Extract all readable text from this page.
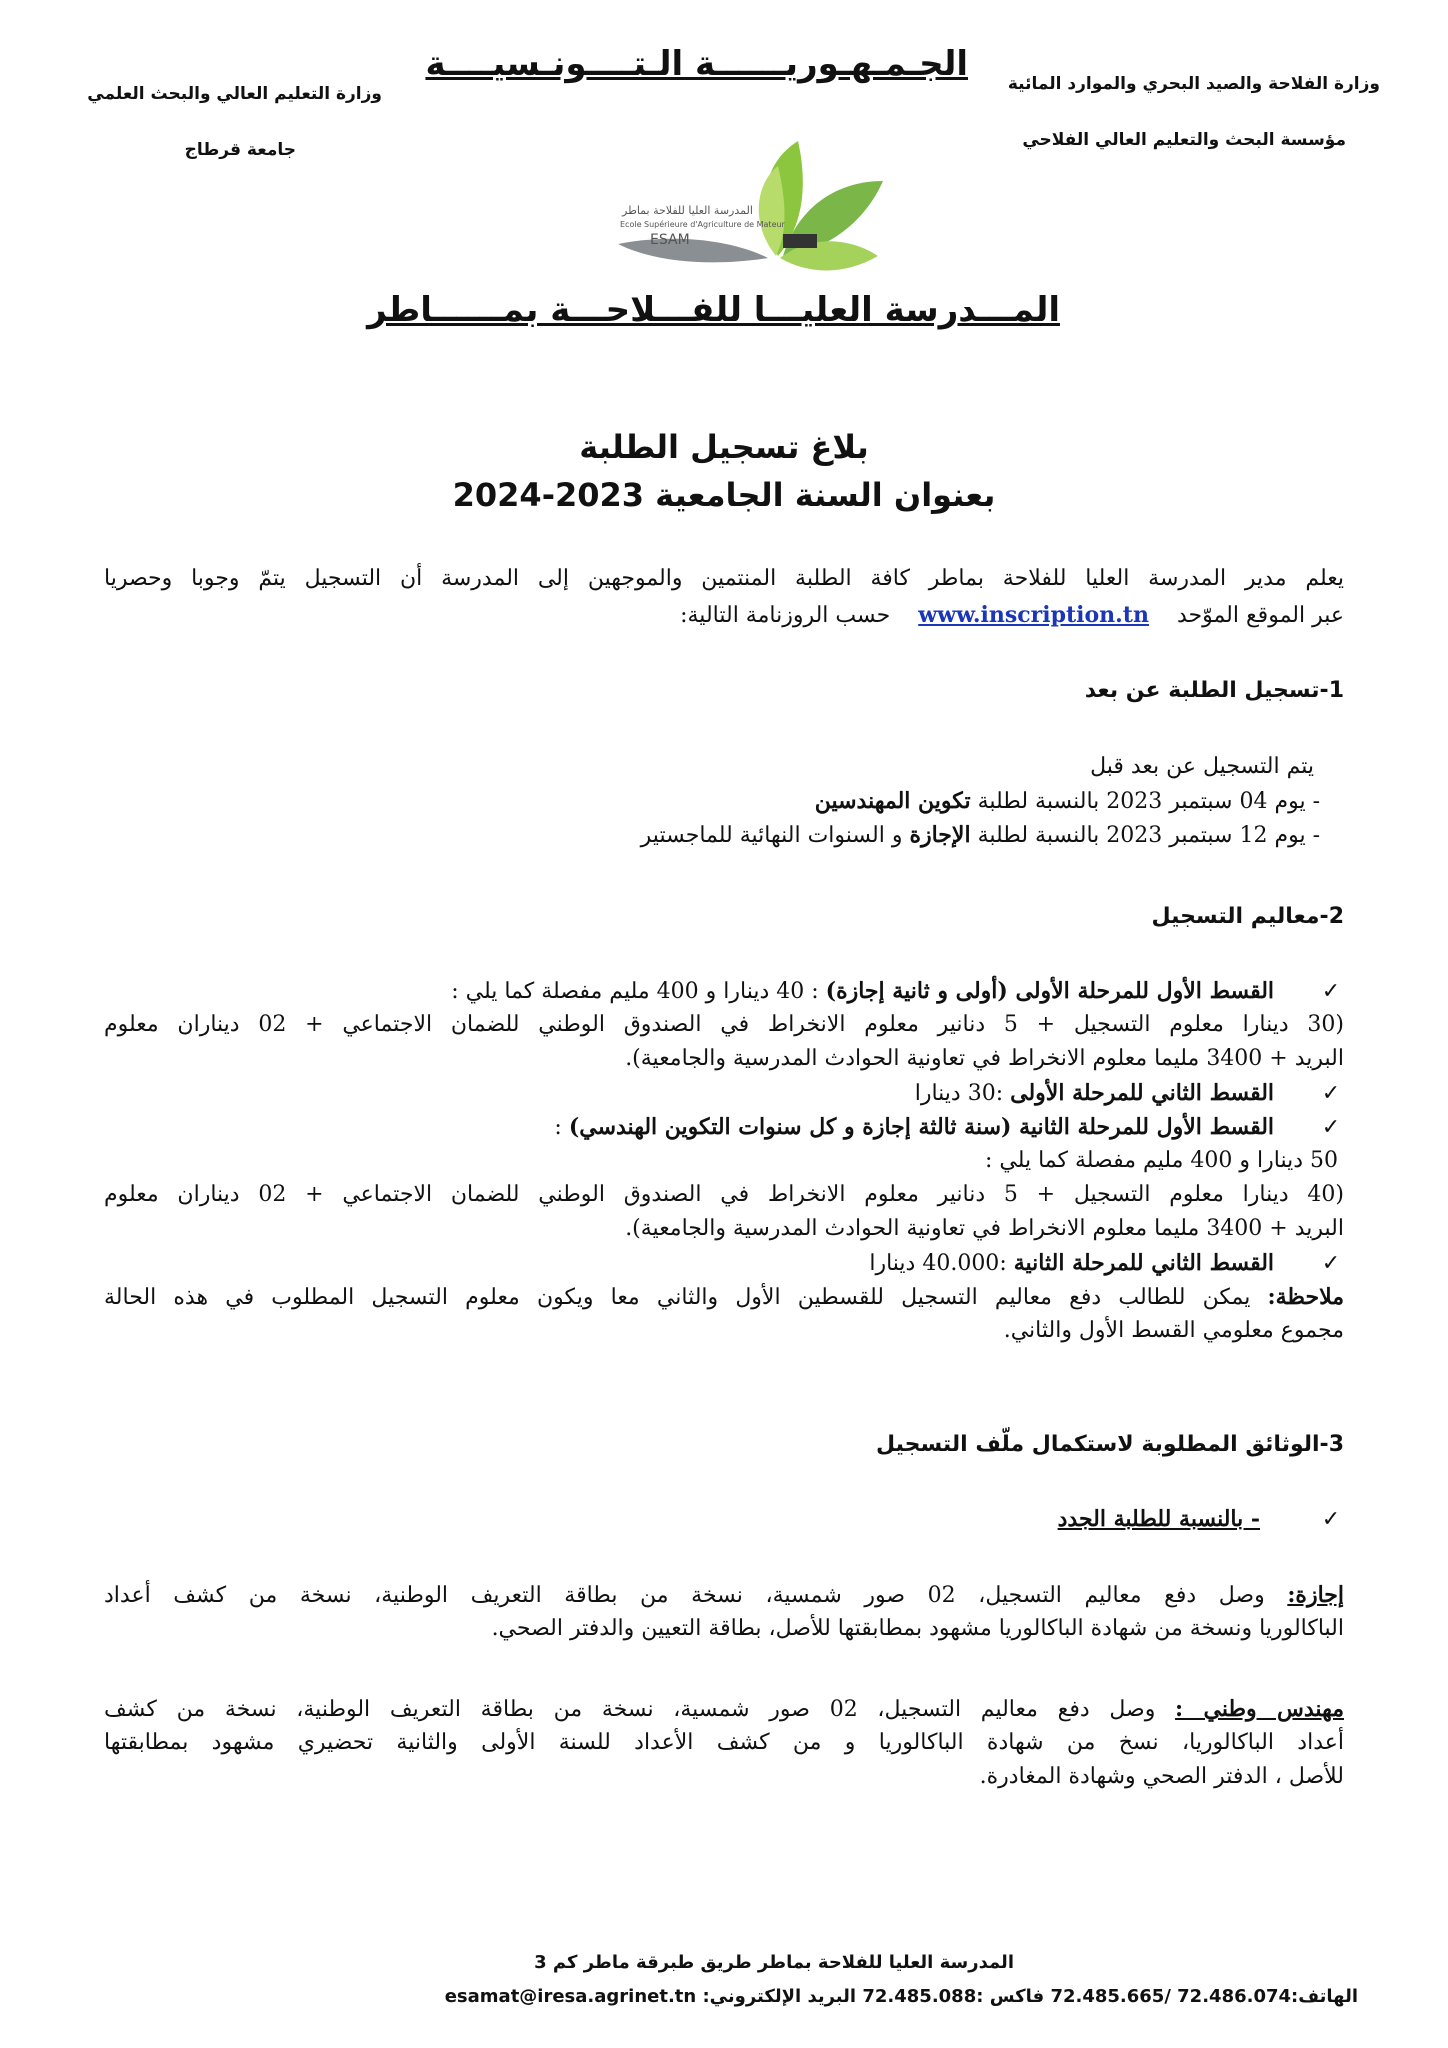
وزارة الفلاحة والصيد البحري والموارد المائية
مؤسسة البحث والتعليم العالي الفلاحي
الجـمـهـوريــــــة الـتــــونـسيــــة
وزارة التعليم العالي والبحث العلمي
جامعة قرطاج
المدرسة العليا للفلاحة بماطر
Ecole Supérieure d'Agriculture de Mateur
ESAM
المـــدرسة العليـــا للفـــلاحـــة بمــــــاطر
بلاغ تسجيل الطلبة
بعنوان السنة الجامعية 2023-2024
يعلم مدير المدرسة العليا للفلاحة بماطر كافة الطلبة المنتمين والموجهين إلى المدرسة أن التسجيل يتمّ وجوبا وحصريا
عبر الموقع الموّحد    www.inscription.tn    حسب الروزنامة التالية:
1-تسجيل الطلبة عن بعد
يتم التسجيل عن بعد قبل
- يوم 04 سبتمبر 2023 بالنسبة لطلبة تكوين المهندسين
- يوم 12 سبتمبر 2023 بالنسبة لطلبة الإجازة و السنوات النهائية للماجستير
2-معاليم التسجيل
✓      القسط الأول للمرحلة الأولى (أولى و ثانية إجازة) : 40 دينارا و 400 مليم مفصلة كما يلي :
(30 دينارا معلوم التسجيل + 5 دنانير معلوم الانخراط في الصندوق الوطني للضمان الاجتماعي + 02 ديناران معلوم
البريد + 3400 مليما معلوم الانخراط في تعاونية الحوادث المدرسية والجامعية).
✓      القسط الثاني للمرحلة الأولى :30 دينارا
✓      القسط الأول للمرحلة الثانية (سنة ثالثة إجازة و كل سنوات التكوين الهندسي) :
50 دينارا و 400 مليم مفصلة كما يلي :
(40 دينارا معلوم التسجيل + 5 دنانير معلوم الانخراط في الصندوق الوطني للضمان الاجتماعي + 02 ديناران معلوم
البريد + 3400 مليما معلوم الانخراط في تعاونية الحوادث المدرسية والجامعية).
✓      القسط الثاني للمرحلة الثانية :40.000 دينارا
ملاحظة: يمكن للطالب دفع معاليم التسجيل للقسطين الأول والثاني معا ويكون معلوم التسجيل المطلوب في هذه الحالة
مجموع معلومي القسط الأول والثاني.
3-الوثائق المطلوبة لاستكمال ملّف التسجيل
✓        - بالنسبة للطلبة الجدد
إجازة: وصل دفع معاليم التسجيل، 02 صور شمسية، نسخة من بطاقة التعريف الوطنية، نسخة من كشف أعداد
الباكالوريا ونسخة من شهادة الباكالوريا مشهود بمطابقتها للأصل، بطاقة التعيين والدفتر الصحي.
مهندس وطني : وصل دفع معاليم التسجيل، 02 صور شمسية، نسخة من بطاقة التعريف الوطنية، نسخة من كشف
أعداد الباكالوريا، نسخ من شهادة الباكالوريا و من كشف الأعداد للسنة الأولى والثانية تحضيري مشهود بمطابقتها
للأصل ، الدفتر الصحي وشهادة المغادرة.
المدرسة العليا للفلاحة بماطر طريق طبرقة ماطر كم 3
الهاتف:72.486.074 /72.485.665 فاكس :72.485.088 البريد الإلكتروني: esamat@iresa.agrinet.tn
